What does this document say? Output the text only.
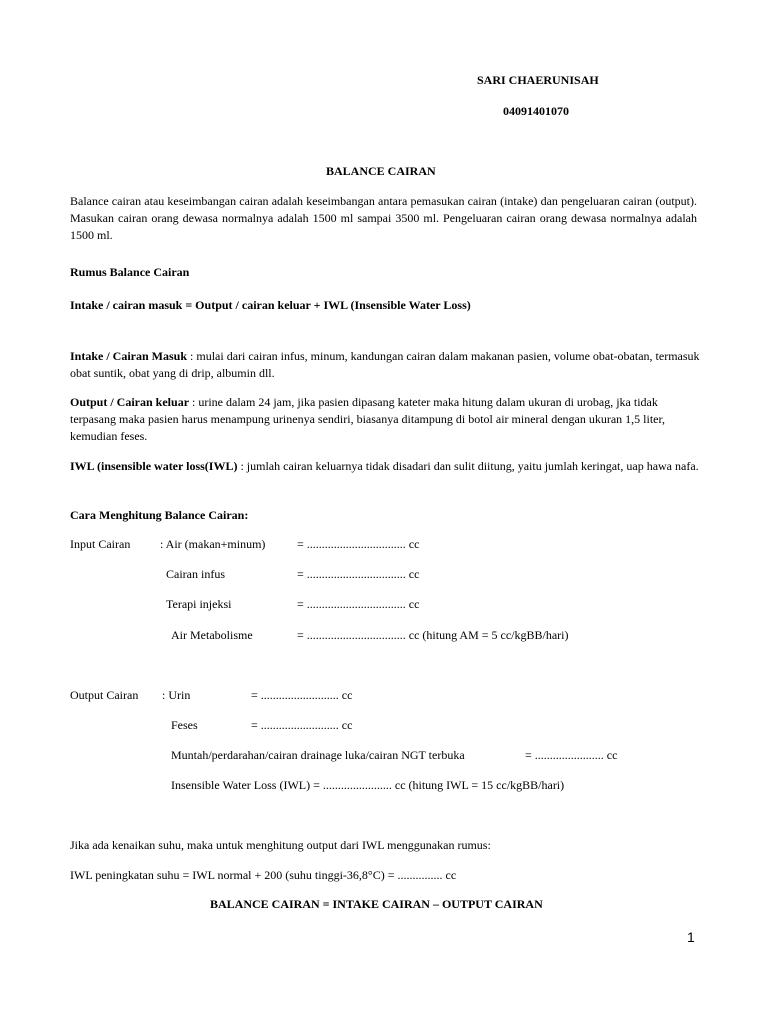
SARI CHAERUNISAH
04091401070
BALANCE CAIRAN
Balance cairan atau keseimbangan cairan adalah keseimbangan antara pemasukan cairan (intake) dan pengeluaran cairan (output). Masukan cairan orang dewasa normalnya adalah 1500 ml sampai 3500 ml. Pengeluaran cairan orang dewasa normalnya adalah 1500 ml.
Rumus Balance Cairan
Intake / cairan masuk = Output / cairan keluar + IWL (Insensible Water Loss)
Intake / Cairan Masuk : mulai dari cairan infus, minum, kandungan cairan dalam makanan pasien, volume obat-obatan, termasuk obat suntik, obat yang di drip, albumin dll.
Output / Cairan keluar : urine dalam 24 jam, jika pasien dipasang kateter maka hitung dalam ukuran di urobag, jka tidak terpasang maka pasien harus menampung urinenya sendiri, biasanya ditampung di botol air mineral dengan ukuran 1,5 liter, kemudian feses.
IWL (insensible water loss(IWL) : jumlah cairan keluarnya tidak disadari dan sulit diitung, yaitu jumlah keringat, uap hawa nafa.
Cara Menghitung Balance Cairan:
Input Cairan : Air (makan+minum)	= ................................. cc
Cairan infus	= ................................. cc
Terapi injeksi	= ................................. cc
Air Metabolisme	= ................................. cc (hitung AM = 5 cc/kgBB/hari)
Output Cairan : Urin	= .......................... cc
Feses	= .......................... cc
Muntah/perdarahan/cairan drainage luka/cairan NGT terbuka	= ....................... cc
Insensible Water Loss (IWL) = ....................... cc (hitung IWL = 15 cc/kgBB/hari)
Jika ada kenaikan suhu, maka untuk menghitung output dari IWL menggunakan rumus:
IWL peningkatan suhu = IWL normal + 200 (suhu tinggi-36,8°C) = ............... cc
BALANCE CAIRAN = INTAKE CAIRAN – OUTPUT CAIRAN
1
